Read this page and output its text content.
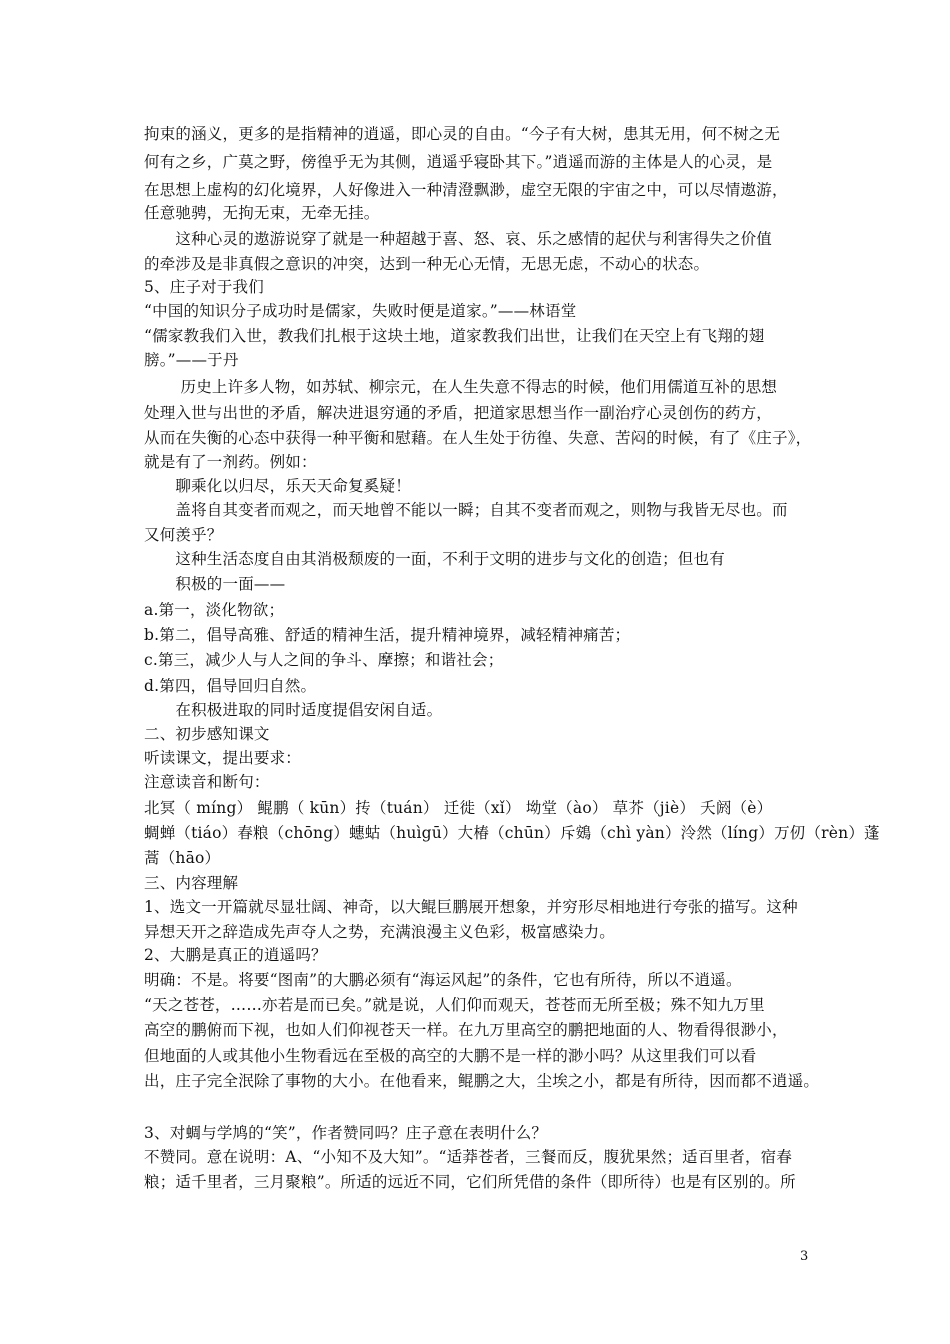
拘束的涵义，更多的是指精神的逍遥，即心灵的自由。“今子有大树，患其无用，何不树之无
何有之乡，广莫之野，傍徨乎无为其侧，逍遥乎寝卧其下。”逍遥而游的主体是人的心灵，是
在思想上虚构的幻化境界，人好像进入一种清澄飘渺，虚空无限的宇宙之中，可以尽情遨游，
任意驰骋，无拘无束，无牵无挂。
　　这种心灵的遨游说穿了就是一种超越于喜、怒、哀、乐之感情的起伏与利害得失之价值
的牵涉及是非真假之意识的冲突，达到一种无心无情，无思无虑，不动心的状态。
5、庄子对于我们
“中国的知识分子成功时是儒家，失败时便是道家。”——林语堂
“儒家教我们入世，教我们扎根于这块土地，道家教我们出世，让我们在天空上有飞翔的翅
膀。”——于丹
　　 历史上许多人物，如苏轼、柳宗元，在人生失意不得志的时候，他们用儒道互补的思想
处理入世与出世的矛盾，解决进退穷通的矛盾，把道家思想当作一副治疗心灵创伤的药方，
从而在失衡的心态中获得一种平衡和慰藉。在人生处于彷徨、失意、苦闷的时候，有了《庄子》，
就是有了一剂药。例如：
　　聊乘化以归尽，乐天天命复奚疑！
　　盖将自其变者而观之，而天地曾不能以一瞬；自其不变者而观之，则物与我皆无尽也。而
又何羡乎？
　　这种生活态度自由其消极颓废的一面，不利于文明的进步与文化的创造；但也有
　　积极的一面——
a.第一，淡化物欲；
b.第二，倡导高雅、舒适的精神生活，提升精神境界，减轻精神痛苦；
c.第三，减少人与人之间的争斗、摩擦；和谐社会；
d.第四，倡导回归自然。
　　在积极进取的同时适度提倡安闲自适。
二、初步感知课文
听读课文，提出要求：
注意读音和断句：
北冥（ míng） 鲲鹏（ kūn）抟（tuán） 迁徙（xǐ） 坳堂（ào） 草芥（jiè） 夭阏（è）
蜩蝉（tiáo）春粮（chōng）蟪蛄（huìgū）大椿（chūn）斥鴳（chì yàn）泠然（líng）万仞（rèn）蓬
蒿（hāo）
三、内容理解
1、选文一开篇就尽显壮阔、神奇，以大鲲巨鹏展开想象，并穷形尽相地进行夸张的描写。这种
异想天开之辞造成先声夺人之势，充满浪漫主义色彩，极富感染力。
2、大鹏是真正的逍遥吗？
明确：不是。将要“图南”的大鹏必须有“海运风起”的条件，它也有所待，所以不逍遥。
“天之苍苍，……亦若是而已矣。”就是说，人们仰而观天，苍苍而无所至极；殊不知九万里
高空的鹏俯而下视，也如人们仰视苍天一样。在九万里高空的鹏把地面的人、物看得很渺小，
但地面的人或其他小生物看远在至极的高空的大鹏不是一样的渺小吗？从这里我们可以看
出，庄子完全泯除了事物的大小。在他看来，鲲鹏之大，尘埃之小，都是有所待，因而都不逍遥。
3、对蜩与学鸠的“笑”，作者赞同吗？庄子意在表明什么？
不赞同。意在说明：A、“小知不及大知”。“适莽苍者，三餐而反，腹犹果然；适百里者，宿春
粮；适千里者，三月聚粮”。所适的远近不同，它们所凭借的条件（即所待）也是有区别的。所
3
